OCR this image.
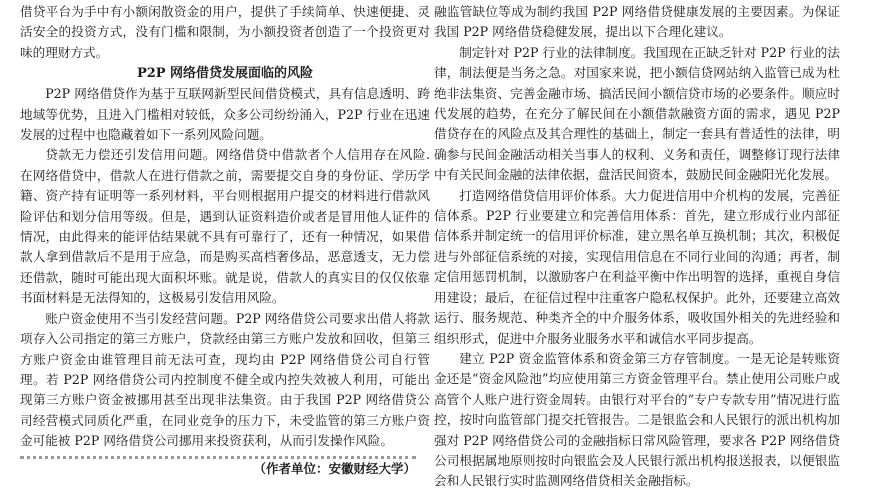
借贷平台为手中有小额闲散资金的用户，提供了手续简单、快速便捷、灵活安全的投资方式，没有门槛和限制，为小额投资者创造了一个投资更对味的理财方式。

P2P 网络借贷发展面临的风险

P2P 网络借贷作为基于互联网新型民间借贷模式，具有信息透明、跨地域等优势，且进入门槛相对较低，众多公司纷纷涌入，P2P 行业在迅速发展的过程中也隐藏着如下一系列风险问题。

贷款无力偿还引发信用问题。网络借贷中借款者个人信用存在风险. 在网络借贷中，借款人在进行借款之前，需要提交自身的身份证、学历学籍、资产持有证明等一系列材料，平台则根据用户提交的材料进行借款风险评估和划分信用等级。但是，遇到认证资料造价或者是冒用他人证件的情况，由此得来的能评估结果就不具有可靠行了，还有一种情况，如果借款人拿到借款后不是用于应急，而是购买高档奢侈品，恶意透支，无力偿还借款，随时可能出现大面积坏账。就是说，借款人的真实目的仅仅依靠书面材料是无法得知的，这极易引发信用风险。

账户资金使用不当引发经营问题。P2P 网络借贷公司要求出借人将款项存入公司指定的第三方账户，贷款经由第三方账户发放和回收，但第三方账户资金由谁管理目前无法可查，现均由 P2P 网络借贷公司自行管理。若 P2P 网络借贷公司内控制度不健全或内控失效被人利用，可能出现第三方账户资金被挪用甚至出现非法集资。由于我国 P2P 网络借贷公司经营模式同质化严重，在同业竞争的压力下，未受监管的第三方账户资金可能被 P2P 网络借贷公司挪用来投资获利，从而引发操作风险。

（作者单位：安徽财经大学）

融监管缺位等成为制约我国 P2P 网络借贷健康发展的主要因素。为保证我国 P2P 网络借贷稳健发展，提出以下合理化建议。

制定针对 P2P 行业的法律制度。我国现在正缺乏针对 P2P 行业的法律，制法便是当务之急。对国家来说，把小额信贷网站纳入监管已成为杜绝非法集资、完善金融市场、搞活民间小额信贷市场的必要条件。顺应时代发展的趋势，在充分了解民间在小额借款融资方面的需求，遇见 P2P 借贷存在的风险点及其合理性的基础上，制定一套具有普适性的法律，明确参与民间金融活动相关当事人的权利、义务和责任，调整修订现行法律中有关民间金融的法律依据，盘活民间资本，鼓励民间金融阳光化发展。

打造网络借贷信用评价体系。大力促进信用中介机构的发展，完善征信体系。P2P 行业要建立和完善信用体系：首先，建立形成行业内部征信体系并制定统一的信用评价标准，建立黑名单互换机制；其次，积极促进与外部征信系统的对接，实现信用信息在不同行业间的沟通；再者，制定信用惩罚机制，以激励客户在利益平衡中作出明智的选择，重视自身信用建设；最后，在征信过程中注重客户隐私权保护。此外，还要建立高效运行、服务规范、种类齐全的中介服务体系，吸收国外相关的先进经验和组织形式，促进中介服务业服务水平和诚信水平同步提高。

建立 P2P 资金监管体系和资金第三方存管制度。一是无论是转账资金还是“资金风险池”均应使用第三方资金管理平台。禁止使用公司账户或高管个人账户进行资金周转。由银行对平台的“专户专款专用”情况进行监控，按时向监管部门提交托管报告。二是银监会和人民银行的派出机构加强对 P2P 网络借贷公司的金融指标日常风险管理，要求各 P2P 网络借贷公司根据属地原则按时向银监会及人民银行派出机构报送报表，以便银监会和人民银行实时监测网络借贷相关金融指标。
